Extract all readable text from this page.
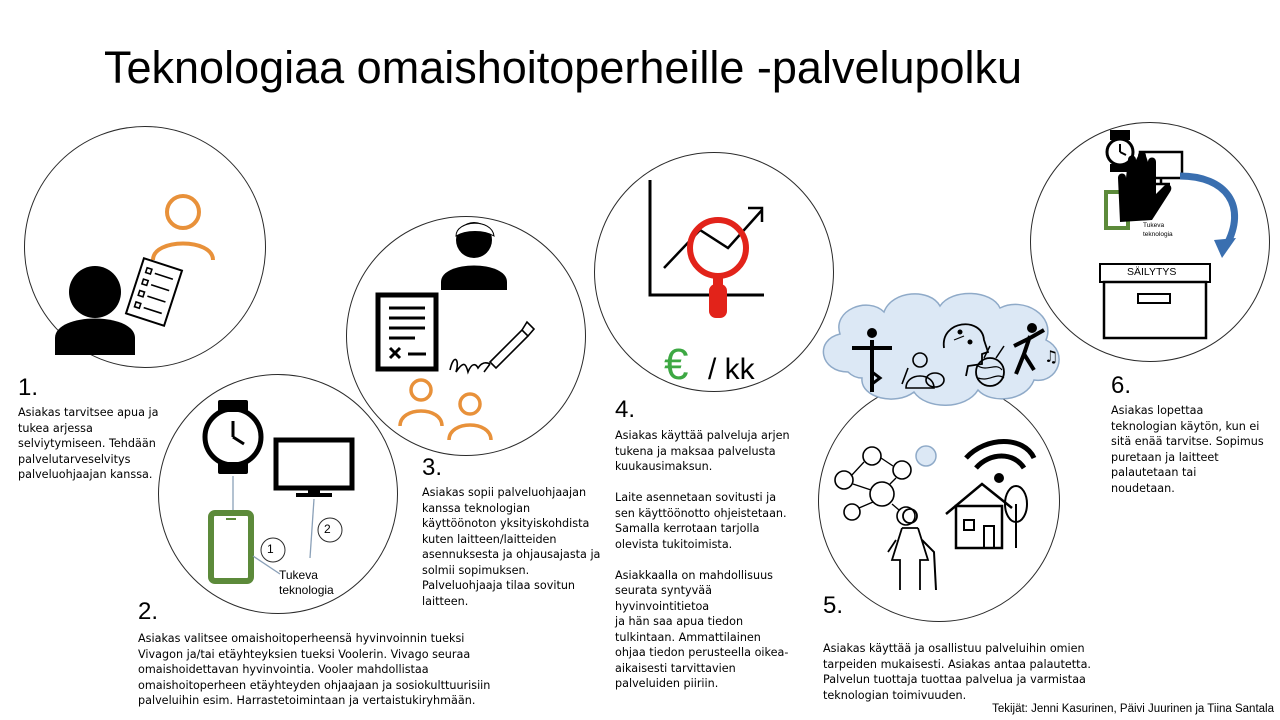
Teknologiaa omaishoitoperheille -palvelupolku
♫
1
2
Tukeva
teknologia
Tukeva
teknologia
SÄILYTYS
€ / kk
1.
2.
3.
4.
5.
6.
Asiakas tarvitsee apua ja
tukea arjessa
selviytymiseen. Tehdään
palvelutarveselvitys
palveluohjaajan kanssa.
Asiakas valitsee omaishoitoperheensä hyvinvoinnin tueksi
Vivagon ja/tai etäyhteyksien tueksi Voolerin. Vivago seuraa
omaishoidettavan hyvinvointia. Vooler mahdollistaa
omaishoitoperheen etäyhteyden ohjaajaan ja sosiokulttuurisiin
palveluihin esim. Harrastetoimintaan ja vertaistukiryhmään.
Asiakas sopii palveluohjaajan
kanssa teknologian
käyttöönoton yksityiskohdista
kuten laitteen/laitteiden
asennuksesta ja ohjausajasta ja
solmii sopimuksen.
Palveluohjaaja tilaa sovitun
laitteen.

Asiakas käyttää palveluja arjen
tukena ja maksaa palvelusta
kuukausimaksun.

Laite asennetaan sovitusti ja
sen käyttöönotto ohjeistetaan.
Samalla kerrotaan tarjolla
olevista tukitoimista.

Asiakkaalla on mahdollisuus
seurata syntyvää
hyvinvointitietoa
ja hän saa apua tiedon
tulkintaan. Ammattilainen
ohjaa tiedon perusteella oikea-
aikaisesti tarvittavien
palveluiden piiriin.

Asiakas käyttää ja osallistuu palveluihin omien
tarpeiden mukaisesti. Asiakas antaa palautetta.
Palvelun tuottaja tuottaa palvelua ja varmistaa
teknologian toimivuuden.
Asiakas lopettaa
teknologian käytön, kun ei
sitä enää tarvitse. Sopimus
puretaan ja laitteet
palautetaan tai
noudetaan.
Tekijät: Jenni Kasurinen, Päivi Juurinen ja Tiina Santala
